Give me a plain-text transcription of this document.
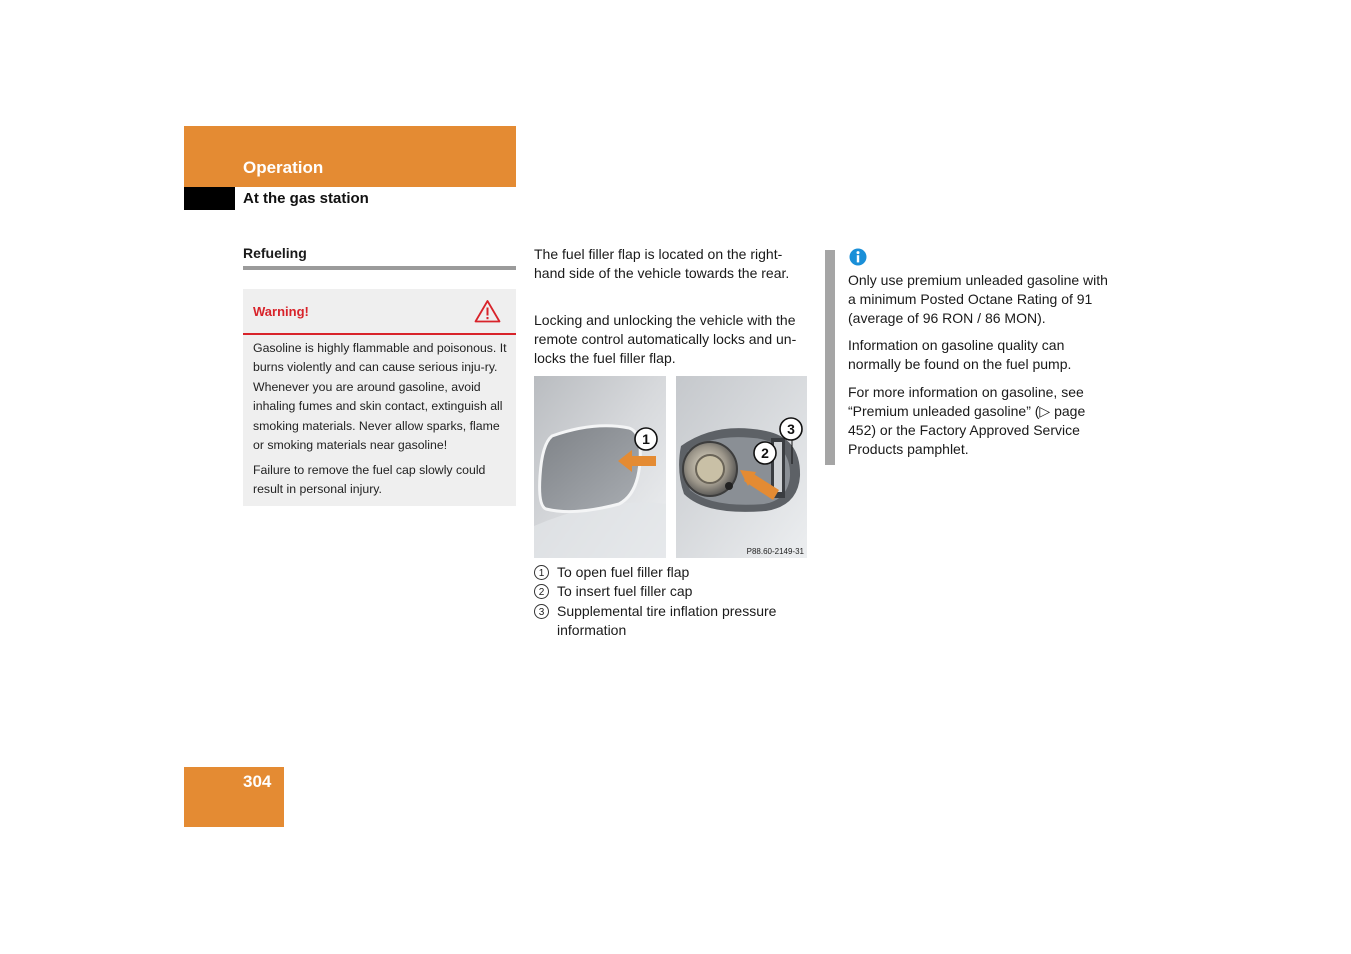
Operation
At the gas station
Refueling
Warning!

Gasoline is highly flammable and poisonous. It burns violently and can cause serious inju-ry. Whenever you are around gasoline, avoid inhaling fumes and skin contact, extinguish all smoking materials. Never allow sparks, flame or smoking materials near gasoline!

Failure to remove the fuel cap slowly could result in personal injury.

The fuel filler flap is located on the right-hand side of the vehicle towards the rear.

Locking and unlocking the vehicle with the remote control automatically locks and un-locks the fuel filler flap.

1
3
2
P88.60-2149-31
1 To open fuel filler flap
2 To insert fuel filler cap
3 Supplemental tire inflation pressure information

Only use premium unleaded gasoline with a minimum Posted Octane Rating of 91 (average of 96 RON / 86 MON).

Information on gasoline quality can normally be found on the fuel pump.

For more information on gasoline, see “Premium unleaded gasoline” (▷ page 452) or the Factory Approved Service Products pamphlet.

304
